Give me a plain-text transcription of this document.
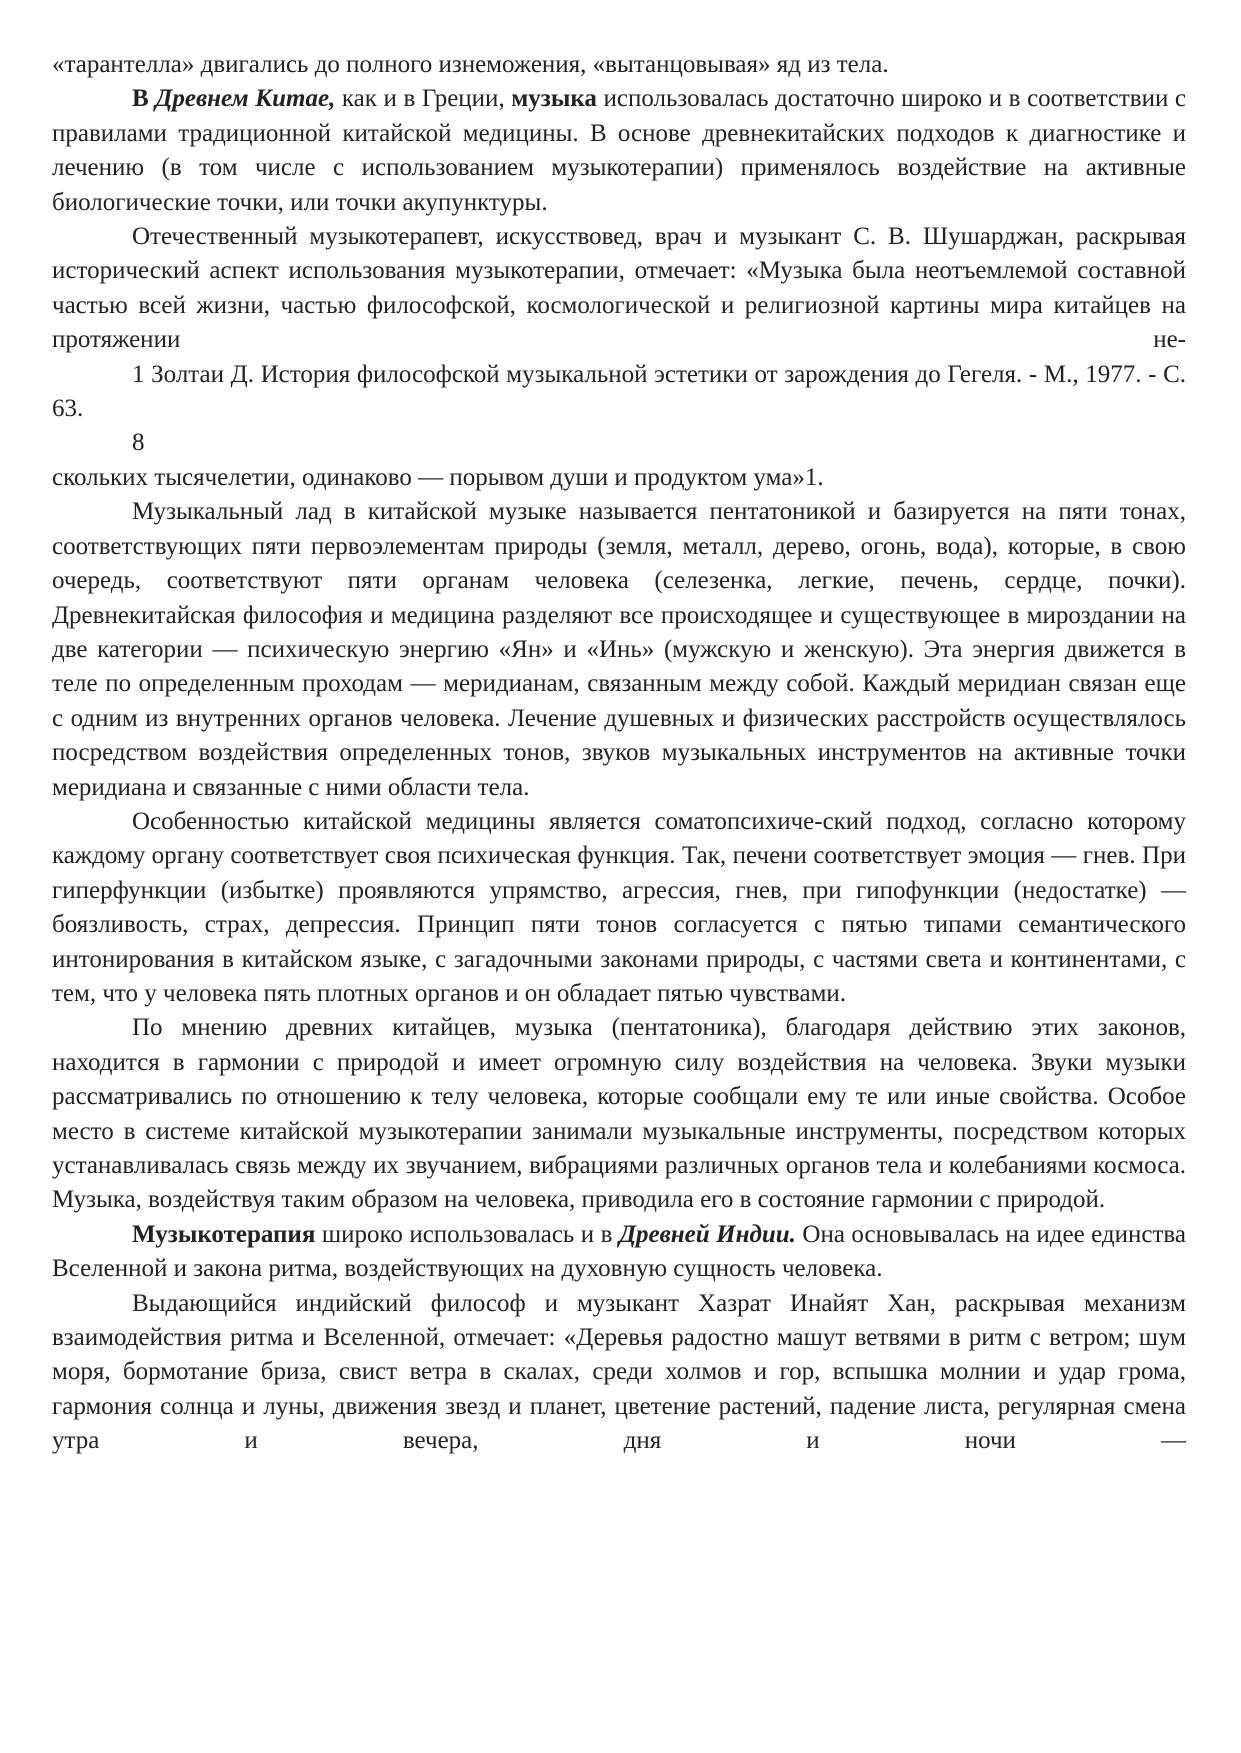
«тарантелла» двигались до полного изнеможения, «вытанцовывая» яд из тела.

В Древнем Китае, как и в Греции, музыка использовалась достаточно широко и в соответствии с правилами традиционной китайской медицины. В основе древнекитайских подходов к диагностике и лечению (в том числе с использованием музыкотерапии) применялось воздействие на активные биологические точки, или точки акупунктуры.

Отечественный музыкотерапевт, искусствовед, врач и музыкант С. В. Шушарджан, раскрывая исторический аспект использования музыкотерапии, отмечает: «Музыка была неотъемлемой составной частью всей жизни, частью философской, космологической и религиозной картины мира китайцев на протяжении не-

1 Золтаи Д. История философской музыкальной эстетики от зарождения до Гегеля. - М., 1977. - С. 63.

8

скольких тысячелетии, одинаково — порывом души и продуктом ума»1.

Музыкальный лад в китайской музыке называется пентатоникой и базируется на пяти тонах, соответствующих пяти первоэлементам природы (земля, металл, дерево, огонь, вода), которые, в свою очередь, соответствуют пяти органам человека (селезенка, легкие, печень, сердце, почки). Древнекитайская философия и медицина разделяют все происходящее и существующее в мироздании на две категории — психическую энергию «Ян» и «Инь» (мужскую и женскую). Эта энергия движется в теле по определенным проходам — меридианам, связанным между собой. Каждый меридиан связан еще с одним из внутренних органов человека. Лечение душевных и физических расстройств осуществлялось посредством воздействия определенных тонов, звуков музыкальных инструментов на активные точки меридиана и связанные с ними области тела.

Особенностью китайской медицины является соматопсихиче-ский подход, согласно которому каждому органу соответствует своя психическая функция. Так, печени соответствует эмоция — гнев. При гиперфункции (избытке) проявляются упрямство, агрессия, гнев, при гипофункции (недостатке) — боязливость, страх, депрессия. Принцип пяти тонов согласуется с пятью типами семантического интонирования в китайском языке, с загадочными законами природы, с частями света и континентами, с тем, что у человека пять плотных органов и он обладает пятью чувствами.

По мнению древних китайцев, музыка (пентатоника), благодаря действию этих законов, находится в гармонии с природой и имеет огромную силу воздействия на человека. Звуки музыки рассматривались по отношению к телу человека, которые сообщали ему те или иные свойства. Особое место в системе китайской музыкотерапии занимали музыкальные инструменты, посредством которых устанавливалась связь между их звучанием, вибрациями различных органов тела и колебаниями космоса. Музыка, воздействуя таким образом на человека, приводила его в состояние гармонии с природой.

Музыкотерапия широко использовалась и в Древней Индии. Она основывалась на идее единства Вселенной и закона ритма, воздействующих на духовную сущность человека.

Выдающийся индийский философ и музыкант Хазрат Инайят Хан, раскрывая механизм взаимодействия ритма и Вселенной, отмечает: «Деревья радостно машут ветвями в ритм с ветром; шум моря, бормотание бриза, свист ветра в скалах, среди холмов и гор, вспышка молнии и удар грома, гармония солнца и луны, движения звезд и планет, цветение растений, падение листа, регулярная смена утра и вечера, дня и ночи —
